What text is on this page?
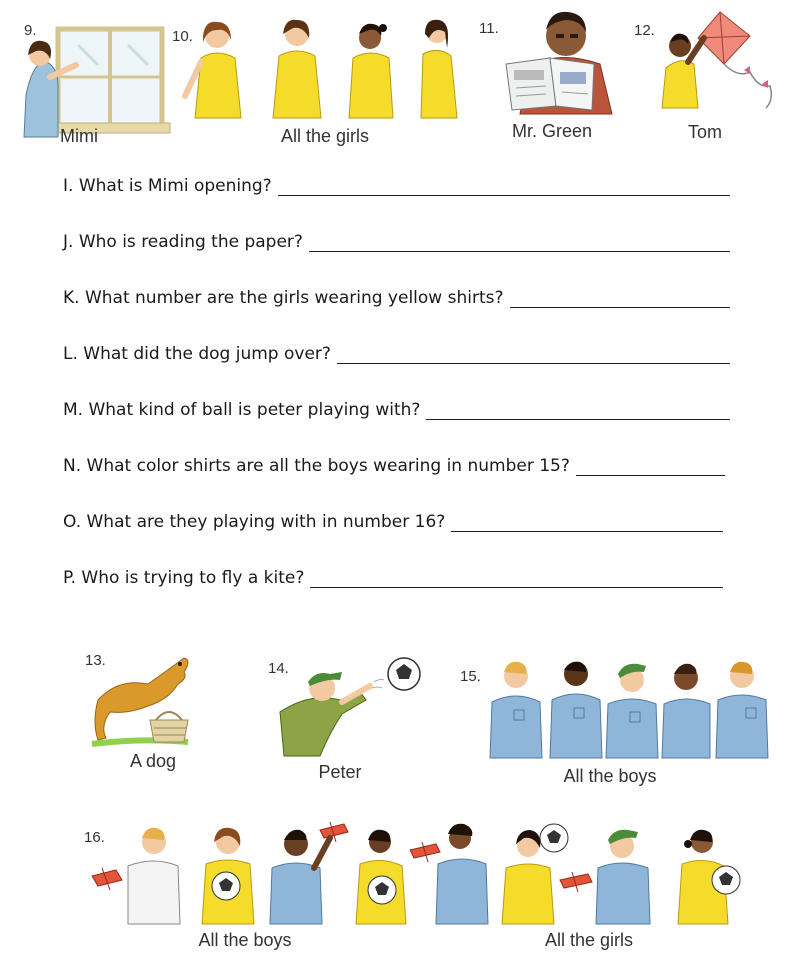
9.
Mimi
10.
All the girls
11.
Mr. Green
12.
Tom
I. What is Mimi opening?
J. Who is reading the paper?
K. What number are the girls wearing yellow shirts?
L. What did the dog jump over?
M. What kind of ball is peter playing with?
N. What color shirts are all the boys wearing in number 15?
O. What are they playing with in number 16?
P. Who is trying to fly a kite?
13.
A dog
14.
Peter
15.
All the boys
16.
All the boys	All the girls
